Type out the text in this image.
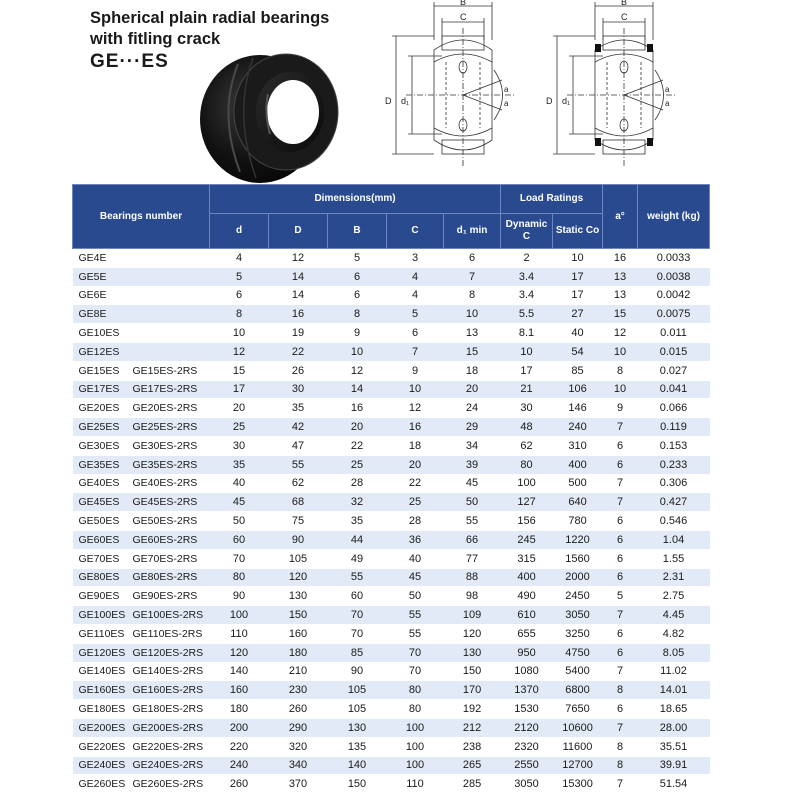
Spherical plain radial bearings
with fitling crack
GE···ES
B
C
D d₁
a
a
B
C
D d₁
a
a
Bearings number	Dimensions(mm)					Load Ratings		a°	weight (kg)
	d	D	B	C	d₁ min	Dynamic C	Static Co		
GE4E	4	12	5	3	6	2	10	16	0.0033
GE5E	5	14	6	4	7	3.4	17	13	0.0038
GE6E	6	14	6	4	8	3.4	17	13	0.0042
GE8E	8	16	8	5	10	5.5	27	15	0.0075
GE10ES	10	19	9	6	13	8.1	40	12	0.011
GE12ES	12	22	10	7	15	10	54	10	0.015
GE15ES GE15ES-2RS	15	26	12	9	18	17	85	8	0.027
GE17ES GE17ES-2RS	17	30	14	10	20	21	106	10	0.041
GE20ES GE20ES-2RS	20	35	16	12	24	30	146	9	0.066
GE25ES GE25ES-2RS	25	42	20	16	29	48	240	7	0.119
GE30ES GE30ES-2RS	30	47	22	18	34	62	310	6	0.153
GE35ES GE35ES-2RS	35	55	25	20	39	80	400	6	0.233
GE40ES GE40ES-2RS	40	62	28	22	45	100	500	7	0.306
GE45ES GE45ES-2RS	45	68	32	25	50	127	640	7	0.427
GE50ES GE50ES-2RS	50	75	35	28	55	156	780	6	0.546
GE60ES GE60ES-2RS	60	90	44	36	66	245	1220	6	1.04
GE70ES GE70ES-2RS	70	105	49	40	77	315	1560	6	1.55
GE80ES GE80ES-2RS	80	120	55	45	88	400	2000	6	2.31
GE90ES GE90ES-2RS	90	130	60	50	98	490	2450	5	2.75
GE100ES GE100ES-2RS	100	150	70	55	109	610	3050	7	4.45
GE110ES GE110ES-2RS	110	160	70	55	120	655	3250	6	4.82
GE120ES GE120ES-2RS	120	180	85	70	130	950	4750	6	8.05
GE140ES GE140ES-2RS	140	210	90	70	150	1080	5400	7	11.02
GE160ES GE160ES-2RS	160	230	105	80	170	1370	6800	8	14.01
GE180ES GE180ES-2RS	180	260	105	80	192	1530	7650	6	18.65
GE200ES GE200ES-2RS	200	290	130	100	212	2120	10600	7	28.00
GE220ES GE220ES-2RS	220	320	135	100	238	2320	11600	8	35.51
GE240ES GE240ES-2RS	240	340	140	100	265	2550	12700	8	39.91
GE260ES GE260ES-2RS	260	370	150	110	285	3050	15300	7	51.54
